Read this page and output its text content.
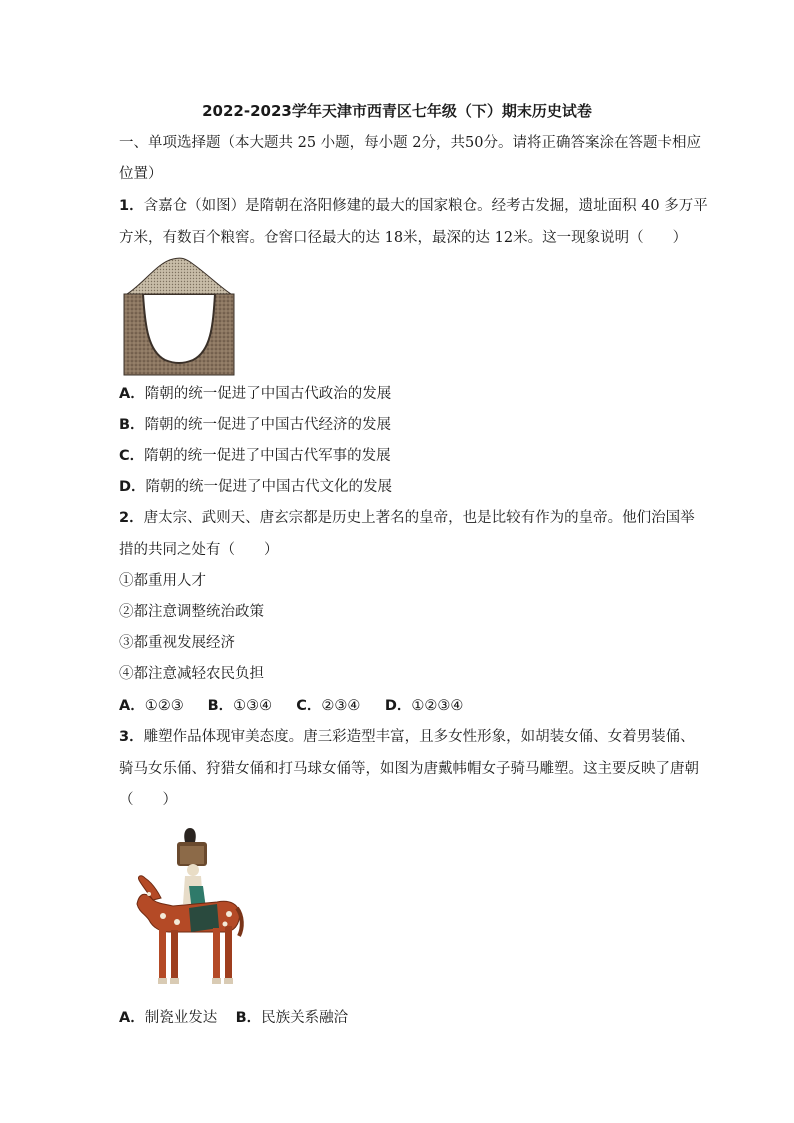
2022-2023学年天津市西青区七年级（下）期末历史试卷
一、单项选择题（本大题共 25 小题，每小题 2分，共50分。请将正确答案涂在答题卡相应
位置）
1．含嘉仓（如图）是隋朝在洛阳修建的最大的国家粮仓。经考古发掘，遗址面积 40 多万平
方米，有数百个粮窖。仓窖口径最大的达 18米，最深的达 12米。这一现象说明（　　）
A．隋朝的统一促进了中国古代政治的发展
B．隋朝的统一促进了中国古代经济的发展
C．隋朝的统一促进了中国古代军事的发展
D．隋朝的统一促进了中国古代文化的发展
2．唐太宗、武则天、唐玄宗都是历史上著名的皇帝，也是比较有作为的皇帝。他们治国举
措的共同之处有（　　）
①都重用人才
②都注意调整统治政策
③都重视发展经济
④都注意减轻农民负担
A．①②③ B．①③④ C．②③④ D．①②③④
3．雕塑作品体现审美态度。唐三彩造型丰富，且多女性形象，如胡装女俑、女着男装俑、
骑马女乐俑、狩猎女俑和打马球女俑等，如图为唐戴帏帽女子骑马雕塑。这主要反映了唐朝
（　　）
A．制瓷业发达 B．民族关系融洽
